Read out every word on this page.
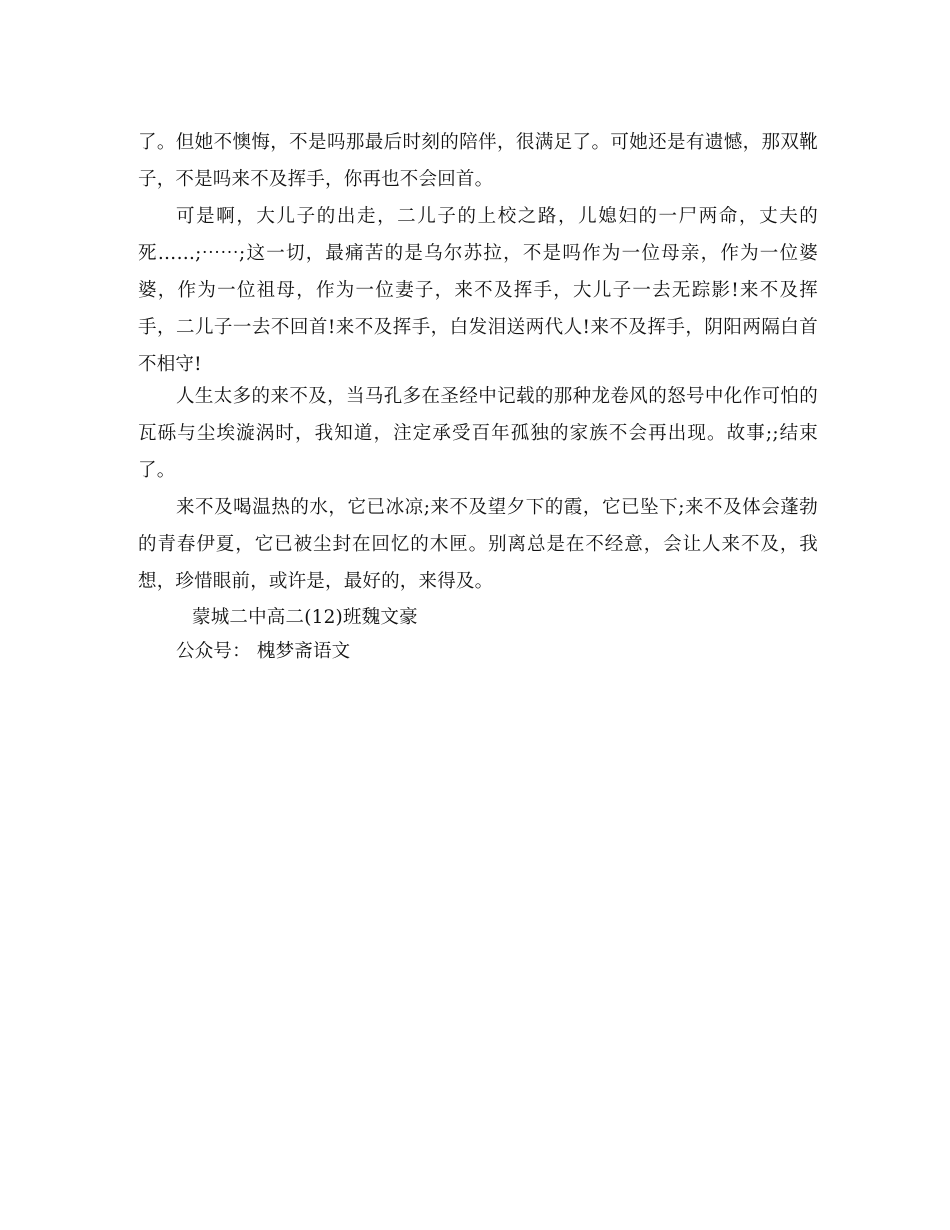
了。但她不懊悔，不是吗那最后时刻的陪伴，很满足了。可她还是有遗憾，那双靴
子，不是吗来不及挥手，你再也不会回首。
可是啊，大儿子的出走，二儿子的上校之路，儿媳妇的一尸两命，丈夫的
死……;⋯⋯;这一切，最痛苦的是乌尔苏拉，不是吗作为一位母亲，作为一位婆
婆，作为一位祖母，作为一位妻子，来不及挥手，大儿子一去无踪影!来不及挥
手，二儿子一去不回首!来不及挥手，白发泪送两代人!来不及挥手，阴阳两隔白首
不相守!
人生太多的来不及，当马孔多在圣经中记载的那种龙卷风的怒号中化作可怕的
瓦砾与尘埃漩涡时，我知道，注定承受百年孤独的家族不会再出现。故事;;结束
了。
来不及喝温热的水，它已冰凉;来不及望夕下的霞，它已坠下;来不及体会蓬勃
的青春伊夏，它已被尘封在回忆的木匣。别离总是在不经意，会让人来不及，我
想，珍惜眼前，或许是，最好的，来得及。
蒙城二中高二(12)班魏文豪
公众号： 槐梦斋语文
